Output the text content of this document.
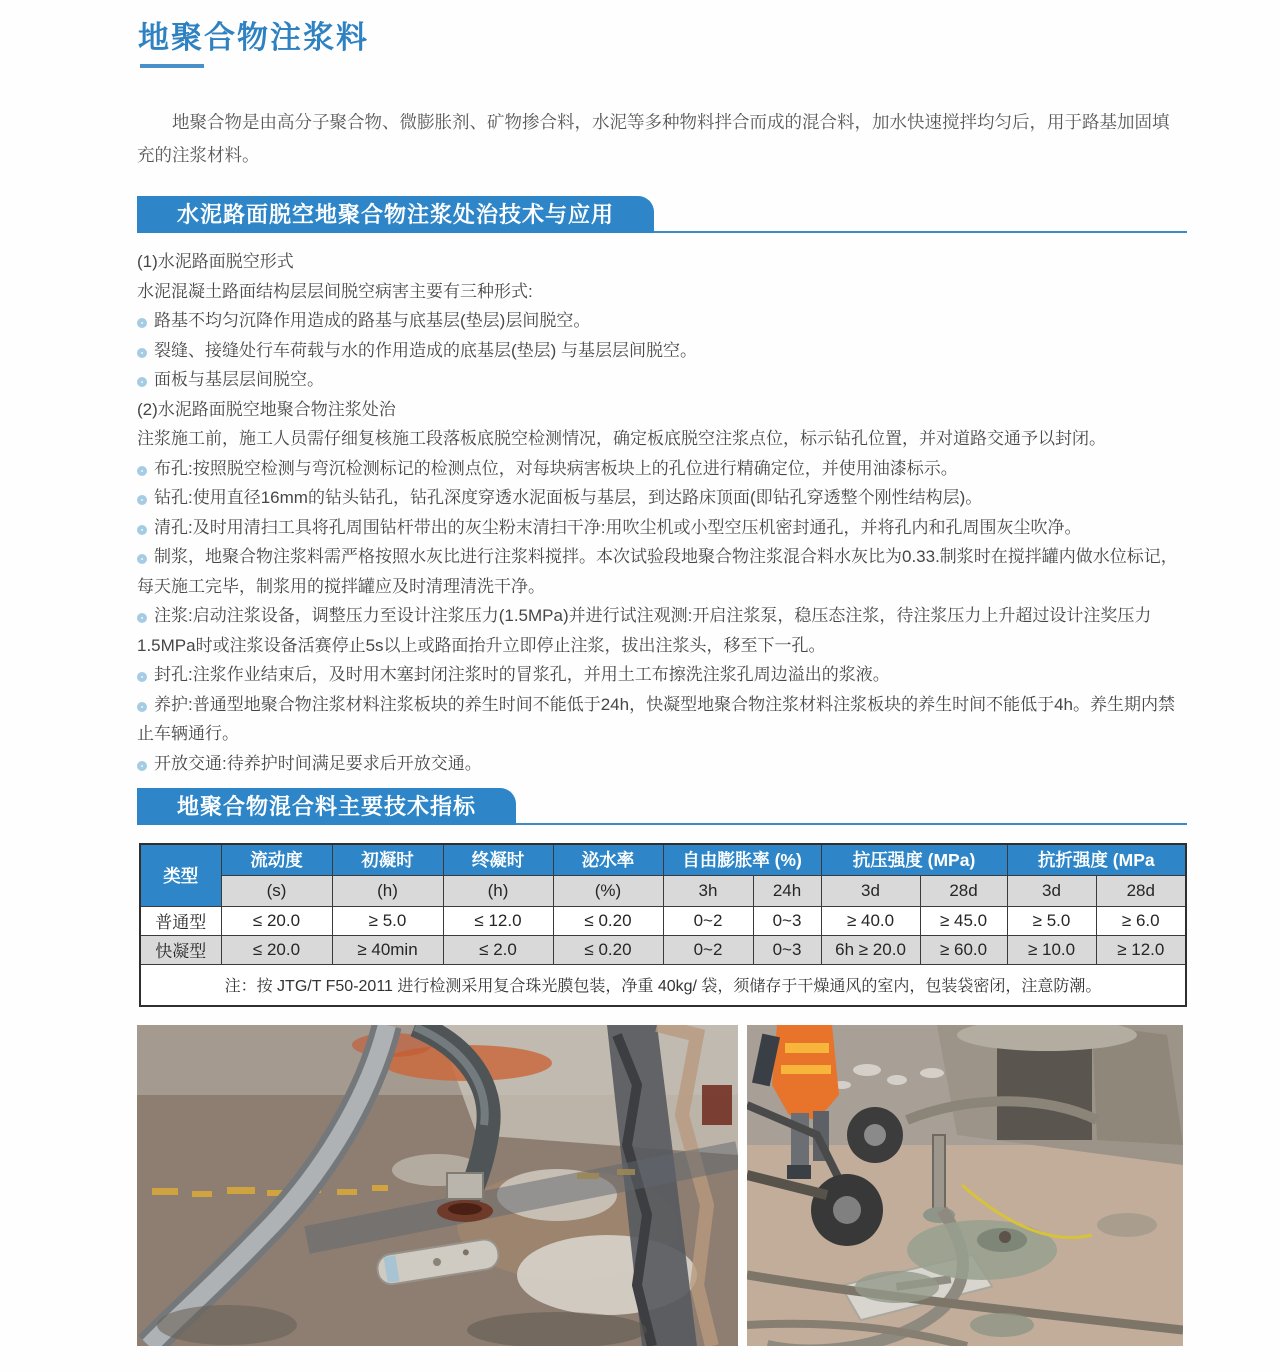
地聚合物注浆料
地聚合物是由高分子聚合物、微膨胀剂、矿物掺合料，水泥等多种物料拌合而成的混合料，加水快速搅拌均匀后，用于路基加固填充的注浆材料。
水泥路面脱空地聚合物注浆处治技术与应用

(1)水泥路面脱空形式

水泥混凝土路面结构层层间脱空病害主要有三种形式:

路基不均匀沉降作用造成的路基与底基层(垫层)层间脱空。

裂缝、接缝处行车荷载与水的作用造成的底基层(垫层) 与基层层间脱空。

面板与基层层间脱空。

(2)水泥路面脱空地聚合物注浆处治

注浆施工前，施工人员需仔细复核施工段落板底脱空检测情况，确定板底脱空注浆点位，标示钻孔位置，并对道路交通予以封闭。

布孔:按照脱空检测与弯沉检测标记的检测点位，对每块病害板块上的孔位进行精确定位，并使用油漆标示。

钻孔:使用直径16mm的钻头钻孔，钻孔深度穿透水泥面板与基层，到达路床顶面(即钻孔穿透整个刚性结构层)。

清孔:及时用清扫工具将孔周围钻杆带出的灰尘粉末清扫干净:用吹尘机或小型空压机密封通孔，并将孔内和孔周围灰尘吹净。

制浆，地聚合物注浆料需严格按照水灰比进行注浆料搅拌。本次试验段地聚合物注浆混合料水灰比为0.33.制浆时在搅拌罐内做水位标记，每天施工完毕，制浆用的搅拌罐应及时清理清洗干净。

注浆:启动注浆设备，调整压力至设计注浆压力(1.5MPa)并进行试注观测:开启注浆泵，稳压态注浆，待注浆压力上升超过设计注奖压力1.5MPa时或注浆设备活赛停止5s以上或路面抬升立即停止注浆，拔出注浆头，移至下一孔。

封孔:注浆作业结束后，及时用木塞封闭注浆时的冒浆孔，并用土工布擦洗注浆孔周边溢出的浆液。

养护:普通型地聚合物注浆材料注浆板块的养生时间不能低于24h，快凝型地聚合物注浆材料注浆板块的养生时间不能低于4h。养生期内禁止车辆通行。

开放交通:待养护时间满足要求后开放交通。

地聚合物混合料主要技术指标
类型	流动度	初凝时	终凝时	泌水率	自由膨胀率 (%)		抗压强度 (MPa)		抗折强度 (MPa	
	(s)	(h)	(h)	(%)	3h	24h	3d	28d	3d	28d
普通型	≤ 20.0	≥ 5.0	≤ 12.0	≤ 0.20	0~2	0~3	≥ 40.0	≥ 45.0	≥ 5.0	≥ 6.0
快凝型	≤ 20.0	≥ 40min	≤ 2.0	≤ 0.20	0~2	0~3	6h ≥ 20.0	≥ 60.0	≥ 10.0	≥ 12.0
注：按 JTG/T F50-2011 进行检测采用复合珠光膜包装，净重 40kg/ 袋，须储存于干燥通风的室内，包装袋密闭，注意防潮。										
